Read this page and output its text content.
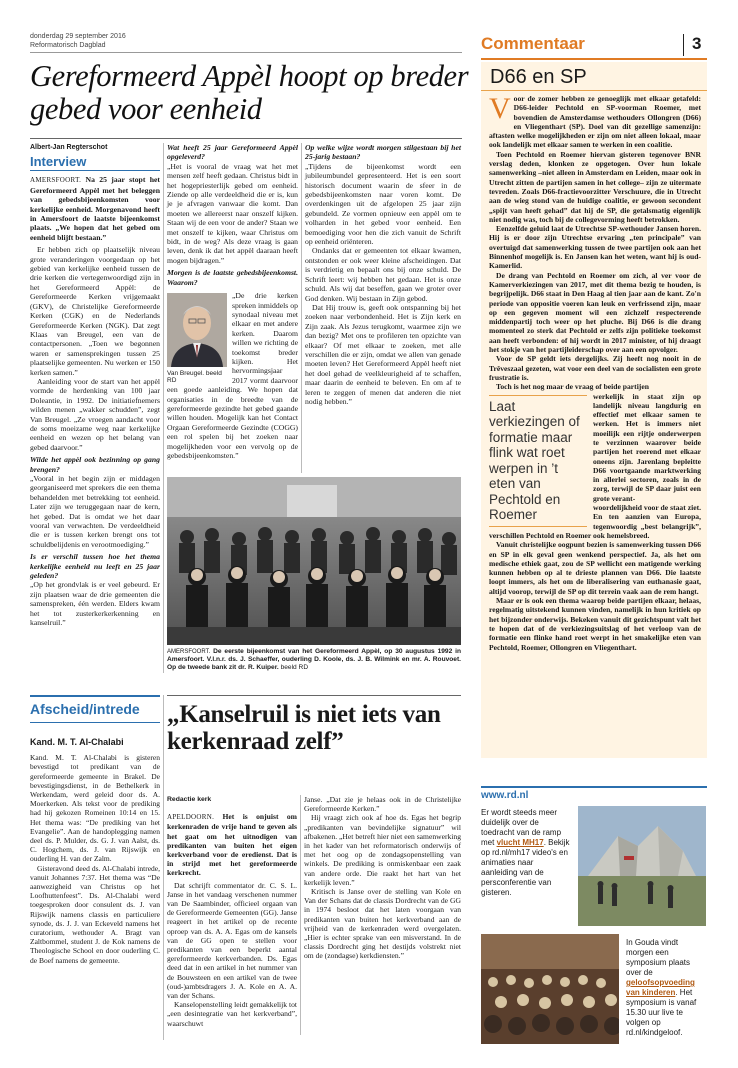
donderdag 29 september 2016
Reformatorisch Dagblad
Gereformeerd Appèl hoopt op breder gebed voor eenheid
Albert-Jan Regterschot
Interview

AMERSFOORT. Na 25 jaar stopt het Gereformeerd Appèl met het beleggen van gebedsbijeenkomsten voor kerkelijke eenheid. Morgenavond heeft in Amersfoort de laatste bijeenkomst plaats. „We hopen dat het gebed om eenheid blijft bestaan.”

Er hebben zich op plaatselijk niveau grote veranderingen voorgedaan op het gebied van kerkelijke eenheid tussen de drie kerken die vertegenwoordigd zijn in het Gereformeerd Appèl: de Gereformeerde Kerken vrijgemaakt (GKV), de Christelijke Gereformeerde Kerken (CGK) en de Nederlands Gereformeerde Kerken (NGK). Dat zegt Klaas van Breugel, een van de contactpersonen. „Toen we begonnen waren er samensprekingen tussen 25 plaatselijke gemeenten. Nu werken er 150 kerken samen.”

Aanleiding voor de start van het appèl vormde de herdenking van 100 jaar Doleantie, in 1992. De initiatiefnemers wilden menen „wakker schudden”, zegt Van Breugel. „Ze vroegen aandacht voor de soms moeizame weg naar kerkelijke eenheid en wezen op het belang van gebed daarvoor.”

Wilde het appèl ook bezinning op gang brengen?

„Vooral in het begin zijn er middagen georganiseerd met sprekers die een thema behandelden met betrekking tot eenheid. Later zijn we teruggegaan naar de kern, het gebed. Dat is omdat we het daar vooral van verwachten. De verdeeldheid die er is tussen kerken brengt ons tot schuldbelijdenis en verootmoediging.”

Is er verschil tussen hoe het thema kerkelijke eenheid nu leeft en 25 jaar geleden?

„Op het grondvlak is er veel gebeurd. Er zijn plaatsen waar de drie gemeenten die samenspreken, één werden. Elders kwam het tot zusterkerkerkenning en kanselruil.”

Wat heeft 25 jaar Gereformeerd Appèl opgeleverd?

„Het is vooral de vraag wat het met mensen zelf heeft gedaan. Christus bidt in het hogepriesterlijk gebed om eenheid. Ziende op alle verdeeldheid die er is, kun je je afvragen vanwaar die komt. Dan moeten we allereerst naar onszelf kijken. Staan wij de een voor de ander? Staan we met onszelf te kijken, waar Christus om bidt, in de weg? Als deze vraag is gaan leven, denk ik dat het appèl daaraan heeft mogen bijdragen.”

Morgen is de laatste gebedsbijeenkomst. Waarom?

Van Breugel. beeld RD

„De drie kerken spreken inmiddels op synodaal niveau met elkaar en met andere kerken. Daarom willen we richting de toekomst breder kijken. Het hervormingsjaar 2017 vormt daarvoor een goede aanleiding. We hopen dat organisaties in de breedte van de gereformeerde gezindte het gebed gaande willen houden. Mogelijk kan het Contact Orgaan Gereformeerde Gezindte (COGG) een rol spelen bij het zoeken naar mogelijkheden voor een vervolg op de gebedsbijeenkomsten.”

Op welke wijze wordt morgen stilgestaan bij het 25-jarig bestaan?

„Tijdens de bijeenkomst wordt een jubileumbundel gepresenteerd. Het is een soort historisch document waarin de sfeer in de gebedsbijeenkomsten naar voren komt. De overdenkingen uit de afgelopen 25 jaar zijn gebundeld. Ze vormen opnieuw een appèl om te volharden in het gebed voor eenheid. Een bemoediging voor hen die zich vanuit de Schrift op eenheid oriënteren.

Ondanks dat er gemeenten tot elkaar kwamen, ontstonden er ook weer kleine afscheidingen. Dat is verdrietig en bepaalt ons bij onze schuld. De Schrift leert: wij hebben het gedaan. Het is onze schuld. Als wij dat beseffen, gaan we groter over God denken. Wij bestaan in Zijn gebod.

Dat Hij trouw is, geeft ook ontspanning bij het zoeken naar verbondenheid. Het is Zijn kerk en Zijn zaak. Als Jezus terugkomt, waarmee zijn we dan bezig? Met ons te profileren ten opzichte van elkaar? Of met elkaar te zoeken, met alle verschillen die er zijn, omdat we allen van genade moeten leven? Het Gereformeerd Appèl heeft niet het doel gehad de veelkleurigheid af te schaffen, maar daarin de eenheid te beleven. En om af te leren te zeggen of menen dat anderen die niet nodig hebben.”

AMERSFOORT. De eerste bijeenkomst van het Gereformeerd Appèl, op 30 augustus 1992 in Amersfoort. V.l.n.r. ds. J. Schaeffer, ouderling D. Koole, ds. J. B. Wilmink en mr. A. Rouvoet. Op de tweede bank zit dr. R. Kuiper. beeld RD
Commentaar	3
D66 en SP

Voor de zomer hebben ze genoeglijk met elkaar getafeld: D66-leider Pechtold en SP-voorman Roemer, met bovendien de Amsterdamse wethouders Ollongren (D66) en Vliegenthart (SP). Doel van dit gezellige samenzijn: aftasten welke mogelijkheden er zijn om niet alleen lokaal, maar ook landelijk met elkaar samen te werken in een coalitie.

Toen Pechtold en Roemer hiervan gisteren tegenover BNR verslag deden, klonken ze opgetogen. Over hun lokale samenwerking –niet alleen in Amsterdam en Leiden, maar ook in Utrecht zitten de partijen samen in het college– zijn ze uitermate tevreden. Zoals D66-fractievoorzitter Verschuure, die in Utrecht aan de wieg stond van de huidige coalitie, er gewoon secondent „spijt van heeft gehad” dat hij de SP, die getalsmatig eigenlijk niet nodig was, toch bij de collegevorming heeft betrokken.

Eenzelfde geluid laat de Utrechtse SP-wethouder Jansen horen. Hij is er door zijn Utrechtse ervaring „ten principale” van overtuigd dat samenwerking tussen de twee partijen ook aan het Binnenhof mogelijk is. En Jansen kan het weten, want hij is oud-Kamerlid.

De drang van Pechtold en Roemer om zich, al ver voor de Kamerverkiezingen van 2017, met dit thema bezig te houden, is begrijpelijk. D66 staat in Den Haag al tien jaar aan de kant. Zo'n periode van oppositie voeren kan leuk en verfrissend zijn, maar op een gegeven moment wil een zichzelf respecterende middenpartij toch weer op het pluche. Bij D66 is die drang momenteel zo sterk dat Pechtold er zelfs zijn politieke toekomst aan heeft verbonden: of hij wordt in 2017 minister, of hij draagt het stokje van het partijleiderschap over aan een opvolger.

Voor de SP geldt iets dergelijks. Zij heeft nog nooit in de Trêveszaal gezeten, wat voor een deel van de socialisten een grote frustratie is.

Toch is het nog maar de vraag of beide partijen

Laat verkiezingen of formatie maar flink wat roet werpen in ’t eten van Pechtold en Roemer

werkelijk in staat zijn op landelijk niveau langdurig en effectief met elkaar samen te werken. Het is immers niet moeilijk een rijtje onderwerpen te verzinnen waarover beide partijen het roerend met elkaar oneens zijn. Jarenlang bepleitte D66 voortgaande marktwerking in allerlei sectoren, zoals in de zorg, terwijl de SP daar juist een grote verant-

woordelijkheid voor de staat ziet. En ten aanzien van Europa, tegenwoordig „best belangrijk”, verschillen Pechtold en Roemer ook hemelsbreed.

Vanuit christelijke oogpunt bezien is samenwerking tussen D66 en SP in elk geval geen wenkend perspectief. Ja, als het om medische ethiek gaat, zou de SP wellicht een matigende werking kunnen hebben op al te drieste plannen van D66. Die laatste loopt immers, als het om de liberalisering van euthanasie gaat, altijd voorop, terwijl de SP op dit terrein vaak aan de rem hangt.

Maar er is ook een thema waarop beide partijen elkaar, helaas, regelmatig uitstekend kunnen vinden, namelijk in hun kritiek op het bijzonder onderwijs. Bekeken vanuit dit gezichtspunt valt het te hopen dat of de verkiezingsuitslag of het verloop van de formatie een flinke hand roet werpt in het smakelijke eten van Pechtold, Roemer, Ollongren en Vliegenthart.

Afscheid/intrede
Kand. M. T. Al-Chalabi

Kand. M. T. Al-Chalabi is gisteren bevestigd tot predikant van de gereformeerde gemeente in Brakel. De bevestigingsdienst, in de Bethelkerk in Werkendam, werd geleid door ds. A. Moerkerken. Als tekst voor de prediking had hij gekozen Romeinen 10:14 en 15. Het thema was: “De prediking van het Evangelie”. Aan de handoplegging namen deel ds. P. Mulder, ds. G. J. van Aalst, ds. C. Hogchem, ds. J. van Rijswijk en ouderling H. van der Zalm.

Gisteravond deed ds. Al-Chalabi intrede, vanuit Johannes 7:37. Het thema was “De aanwezigheid van Christus op het Loofhuttenfeest”. Ds. Al-Chalabi werd toegesproken door consulent ds. J. van Rijswijk namens classis en particuliere synode, ds. J. J. van Eckeveld namens het curatorium, wethouder A. Bragt van Zaltbommel, student J. de Kok namens de Theologische School en door ouderling C. de Boef namens de gemeente.

„Kanselruil is niet iets van kerkenraad zelf”
Redactie kerk

APELDOORN. Het is onjuist om kerkenraden de vrije hand te geven als het gaat om het uitnodigen van predikanten van buiten het eigen kerkverband voor de eredienst. Dat is in strijd met het gereformeerde kerkrecht.

Dat schrijft commentator dr. C. S. L. Janse in het vandaag verschenen nummer van De Saambinder, officieel orgaan van de Gereformeerde Gemeenten (GG). Janse reageert in het artikel op de recente oproep van ds. A. A. Egas om de kansels van de GG open te stellen voor predikanten van een beperkt aantal gereformeerde kerkverbanden. Ds. Egas deed dat in een artikel in het nummer van de Bouwsteen en een artikel van de twee (oud-)ambtsdragers J. A. Kole en A. A. van der Schans.

Kanselopenstelling leidt gemakkelijk tot „een desintegratie van het kerkverband”, waarschuwt

Janse. „Dat zie je helaas ook in de Christelijke Gereformeerde Kerken.”

Hij vraagt zich ook af hoe ds. Egas het begrip „predikanten van bevindelijke signatuur” wil afbakenen. „Het betreft hier niet een samenwerking in het kader van het reformatorisch onderwijs of met het oog op de zondagsopenstelling van winkels. De prediking is onmiskenbaar een zaak van andere orde. Die raakt het hart van het kerkelijk leven.”

Kritisch is Janse over de stelling van Kole en Van der Schans dat de classis Dordrecht van de GG in 1974 besloot dat het laten voorgaan van predikanten van buiten het kerkverband aan de vrijheid van de kerkenraden werd overgelaten. „Hier is echter sprake van een misverstand. In de classis Dordrecht ging het destijds volstrekt niet om de (zondagse) kerkdiensten.”

www.rd.nl
Er wordt steeds meer duidelijk over de toedracht van de ramp met vlucht MH17. Bekijk op rd.nl/mh17 video's en animaties naar aanleiding van de persconferentie van gisteren.
In Gouda vindt morgen een symposium plaats over de geloofsopvoeding van kinderen. Het symposium is vanaf 15.30 uur live te volgen op rd.nl/kindgeloof.
